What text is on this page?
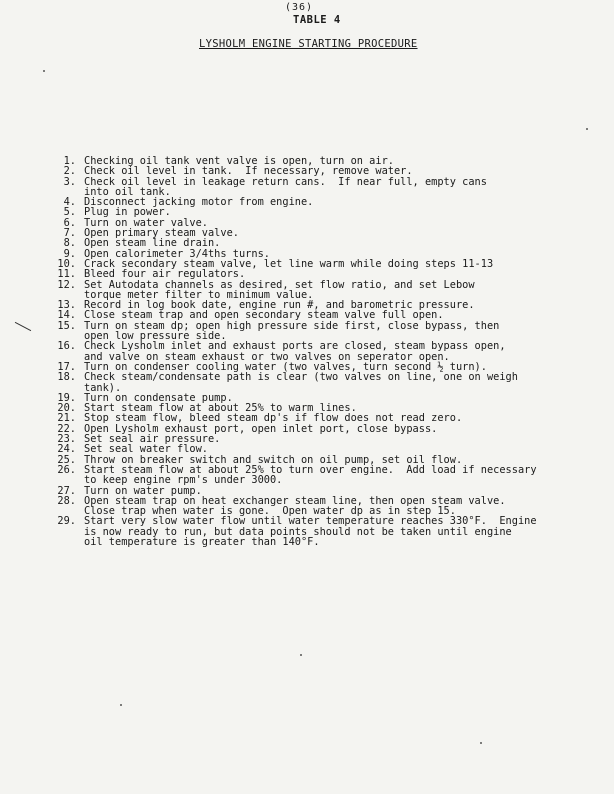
(36)
TABLE 4
LYSHOLM ENGINE STARTING PROCEDURE
1. Checking oil tank vent valve is open, turn on air.
2. Check oil level in tank.  If necessary, remove water.
3. Check oil level in leakage return cans.  If near full, empty cans
into oil tank.
4. Disconnect jacking motor from engine.
5. Plug in power.
6. Turn on water valve.
7. Open primary steam valve.
8. Open steam line drain.
9. Open calorimeter 3/4ths turns.
10. Crack secondary steam valve, let line warm while doing steps 11-13
11. Bleed four air regulators.
12. Set Autodata channels as desired, set flow ratio, and set Lebow
torque meter filter to minimum value.
13. Record in log book date, engine run #, and barometric pressure.
14. Close steam trap and open secondary steam valve full open.
15. Turn on steam dp; open high pressure side first, close bypass, then
open low pressure side.
16. Check Lysholm inlet and exhaust ports are closed, steam bypass open,
and valve on steam exhaust or two valves on seperator open.
17. Turn on condenser cooling water (two valves, turn second ½ turn).
18. Check steam/condensate path is clear (two valves on line, one on weigh
tank).
19. Turn on condensate pump.
20. Start steam flow at about 25% to warm lines.
21. Stop steam flow, bleed steam dp's if flow does not read zero.
22. Open Lysholm exhaust port, open inlet port, close bypass.
23. Set seal air pressure.
24. Set seal water flow.
25. Throw on breaker switch and switch on oil pump, set oil flow.
26. Start steam flow at about 25% to turn over engine.  Add load if necessary
to keep engine rpm's under 3000.
27. Turn on water pump.
28. Open steam trap on heat exchanger steam line, then open steam valve.
Close trap when water is gone.  Open water dp as in step 15.
29. Start very slow water flow until water temperature reaches 330°F.  Engine
is now ready to run, but data points should not be taken until engine
oil temperature is greater than 140°F.
